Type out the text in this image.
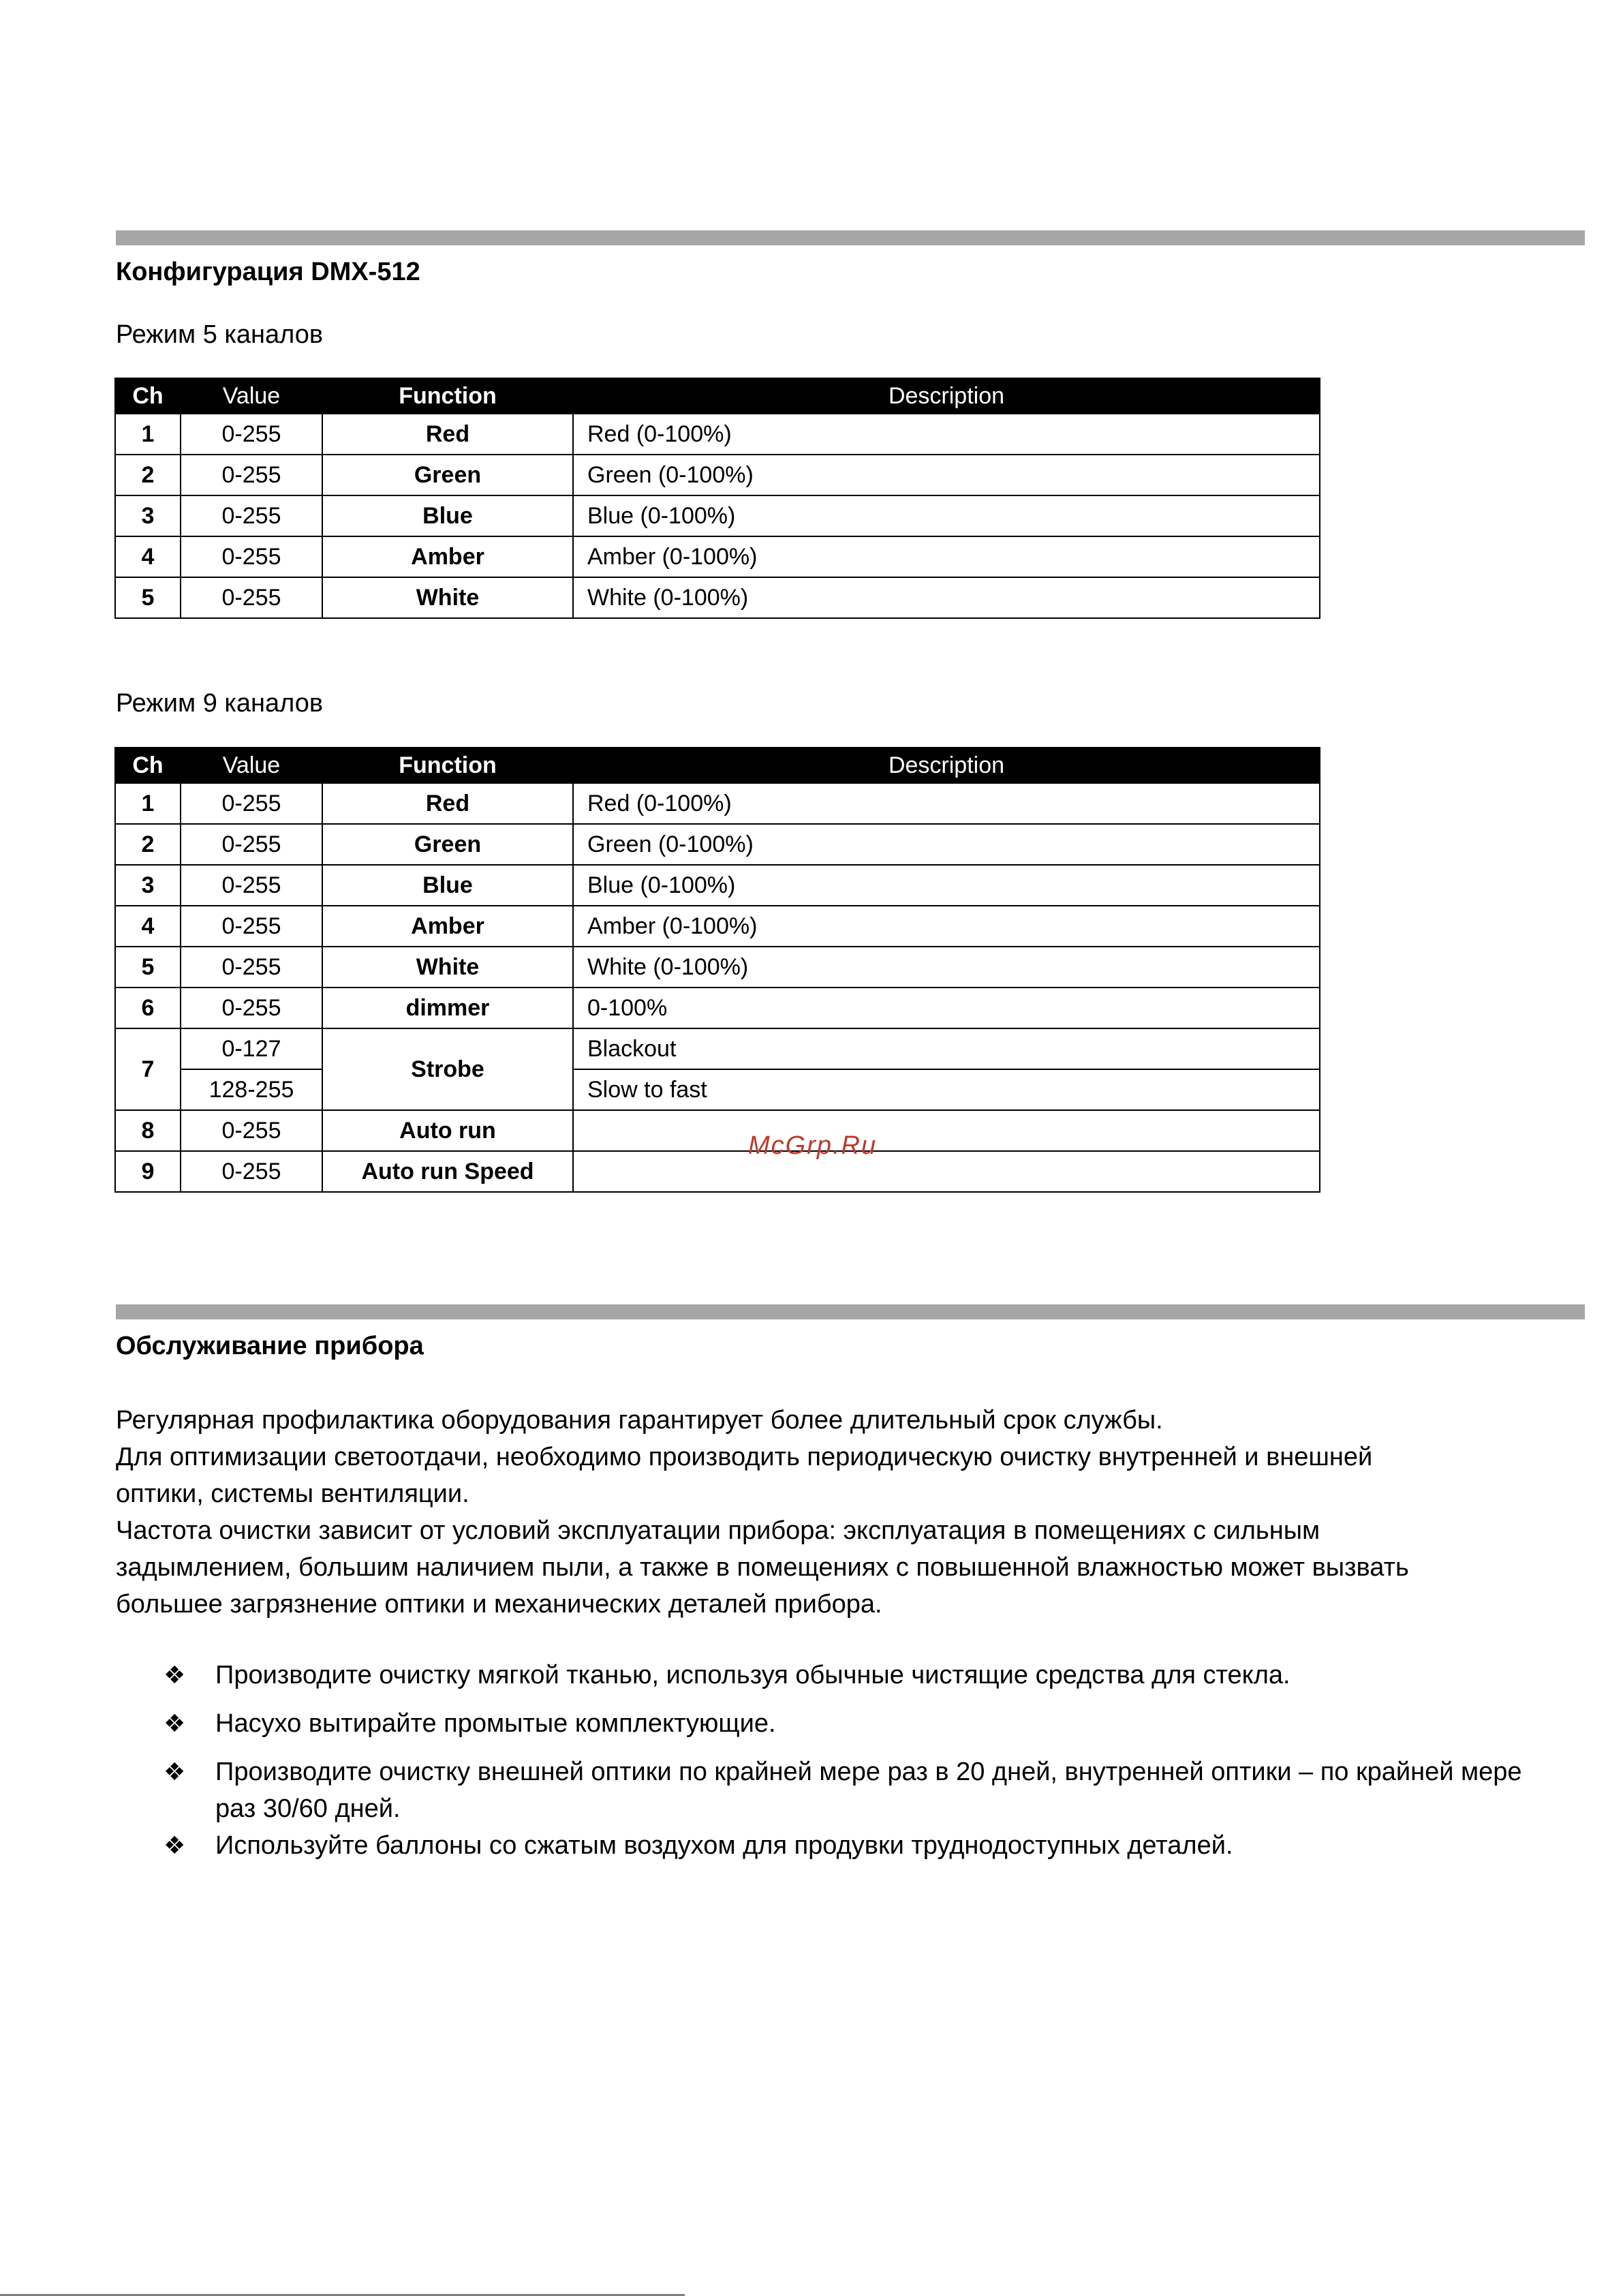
Конфигурация DMX-512
Режим 5 каналов
Ch	Value	Function	Description
1	0-255	Red	Red (0-100%)
2	0-255	Green	Green (0-100%)
3	0-255	Blue	Blue (0-100%)
4	0-255	Amber	Amber (0-100%)
5	0-255	White	White (0-100%)
Режим 9 каналов
Ch	Value	Function	Description
1	0-255	Red	Red (0-100%)
2	0-255	Green	Green (0-100%)
3	0-255	Blue	Blue (0-100%)
4	0-255	Amber	Amber (0-100%)
5	0-255	White	White (0-100%)
6	0-255	dimmer	0-100%
7	0-127	Strobe	Blackout
	128-255		Slow to fast
8	0-255	Auto run	
9	0-255	Auto run Speed	
McGrp.Ru
Обслуживание прибора

Регулярная профилактика оборудования гарантирует более длительный срок службы.

Для оптимизации светоотдачи, необходимо производить периодическую очистку внутренней и внешней

оптики, системы вентиляции.

Частота очистки зависит от условий эксплуатации прибора: эксплуатация в помещениях с сильным

задымлением, большим наличием пыли, а также в помещениях с повышенной влажностью может вызвать

большее загрязнение оптики и механических деталей прибора.

❖ Производите очистку мягкой тканью, используя обычные чистящие средства для стекла.
❖ Насухо вытирайте промытые комплектующие.
❖ Производите очистку внешней оптики по крайней мере раз в 20 дней, внутренней оптики – по крайней мере раз 30/60 дней.
❖ Используйте баллоны со сжатым воздухом для продувки труднодоступных деталей.
